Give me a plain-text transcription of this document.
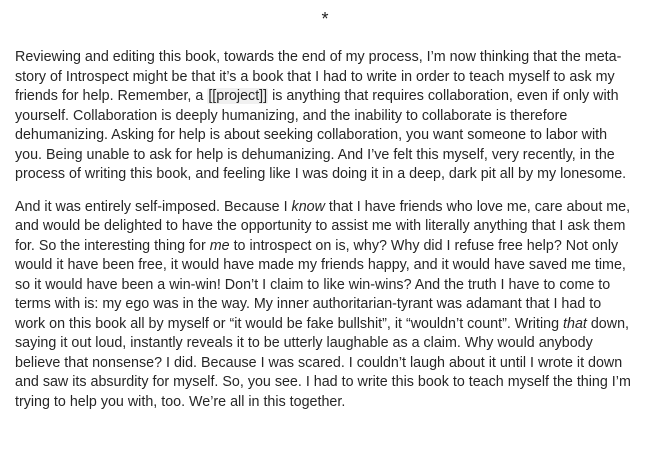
*

Reviewing and editing this book, towards the end of my process, I’m now thinking that the meta-story of Introspect might be that it’s a book that I had to write in order to teach myself to ask my friends for help. Remember, a [[project]] is anything that requires collaboration, even if only with yourself. Collaboration is deeply humanizing, and the inability to collaborate is therefore dehumanizing. Asking for help is about seeking collaboration, you want someone to labor with you. Being unable to ask for help is dehumanizing. And I’ve felt this myself, very recently, in the process of writing this book, and feeling like I was doing it in a deep, dark pit all by my lonesome.

And it was entirely self-imposed. Because I know that I have friends who love me, care about me, and would be delighted to have the opportunity to assist me with literally anything that I ask them for. So the interesting thing for me to introspect on is, why? Why did I refuse free help? Not only would it have been free, it would have made my friends happy, and it would have saved me time, so it would have been a win-win! Don’t I claim to like win-wins? And the truth I have to come to terms with is: my ego was in the way. My inner authoritarian-tyrant was adamant that I had to work on this book all by myself or “it would be fake bullshit”, it “wouldn’t count”. Writing that down, saying it out loud, instantly reveals it to be utterly laughable as a claim. Why would anybody believe that nonsense? I did. Because I was scared. I couldn’t laugh about it until I wrote it down and saw its absurdity for myself. So, you see. I had to write this book to teach myself the thing I’m trying to help you with, too. We’re all in this together.
